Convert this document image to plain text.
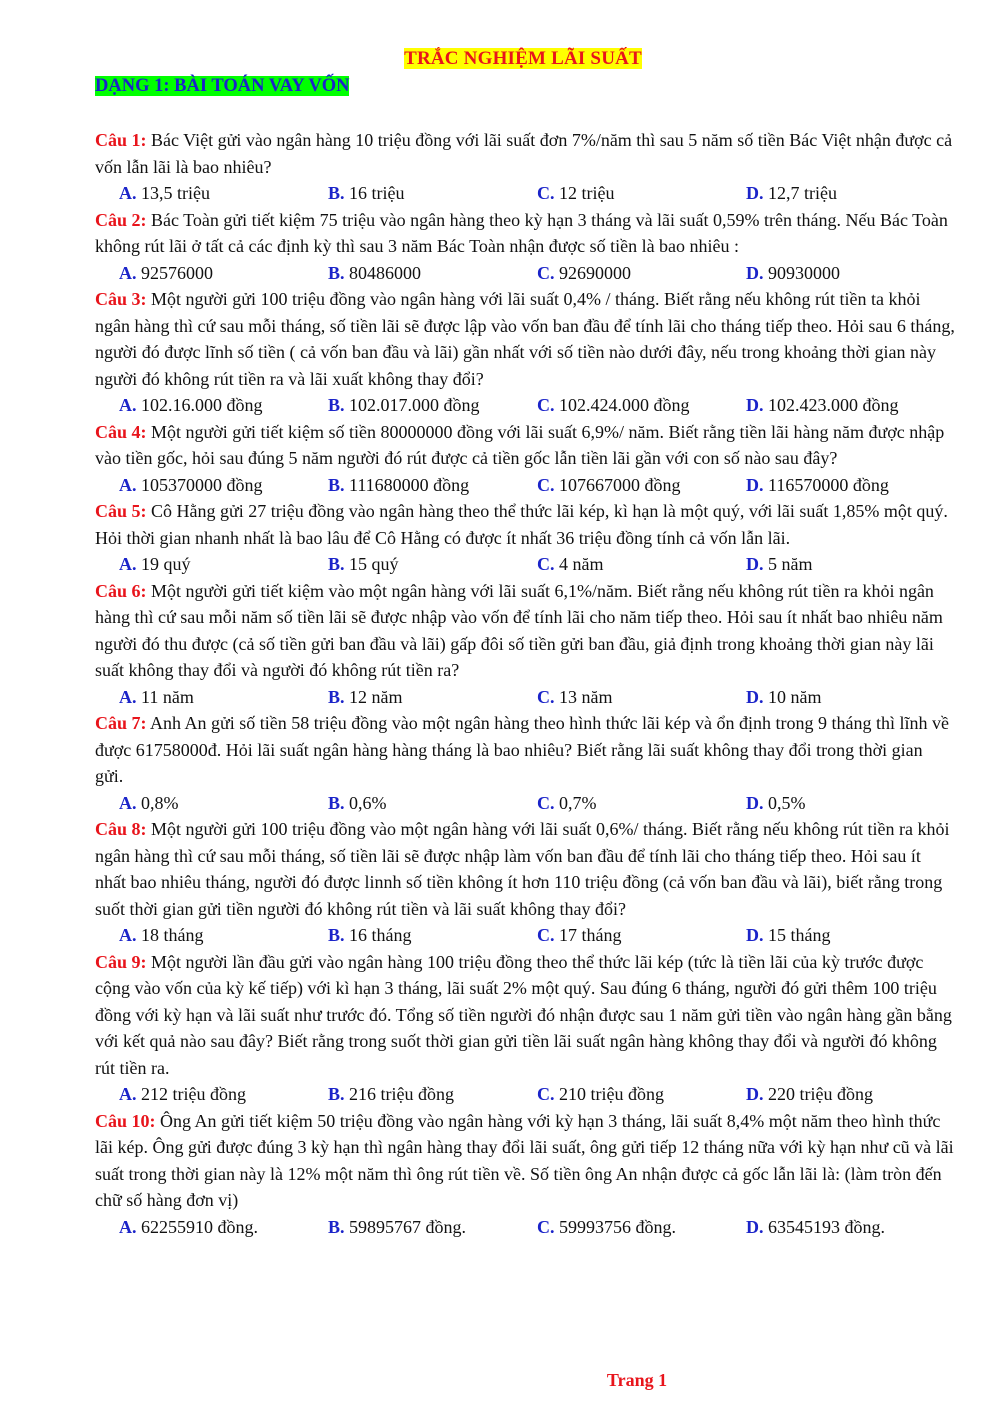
TRẮC NGHIỆM LÃI SUẤT
DẠNG 1: BÀI TOÁN VAY VỐN

Câu 1: Bác Việt gửi vào ngân hàng 10 triệu đồng với lãi suất đơn 7%/năm thì sau 5 năm số tiền Bác Việt nhận được cả vốn lẫn lãi là bao nhiêu?

A. 13,5 triệu	B. 16 triệu	C. 12 triệu	D. 12,7 triệu

Câu 2: Bác Toàn gửi tiết kiệm 75 triệu vào ngân hàng theo kỳ hạn 3 tháng và lãi suất 0,59% trên tháng. Nếu Bác Toàn không rút lãi ở tất cả các định kỳ thì sau 3 năm Bác Toàn nhận được số tiền là bao nhiêu :

A. 92576000	B. 80486000	C. 92690000	D. 90930000

Câu 3: Một người gửi 100 triệu đồng vào ngân hàng với lãi suất 0,4% / tháng. Biết rằng nếu không rút tiền ta khỏi ngân hàng thì cứ sau mỗi tháng, số tiền lãi sẽ được lập vào vốn ban đầu để tính lãi cho tháng tiếp theo. Hỏi sau 6 tháng, người đó được lĩnh số tiền ( cả vốn ban đầu và lãi) gần nhất với số tiền nào dưới đây, nếu trong khoảng thời gian này người đó không rút tiền ra và lãi xuất không thay đổi?

A. 102.16.000 đồng	B. 102.017.000 đồng	C. 102.424.000 đồng	D. 102.423.000 đồng

Câu 4: Một người gửi tiết kiệm số tiền 80000000 đồng với lãi suất 6,9%/ năm. Biết rằng tiền lãi hàng năm được nhập vào tiền gốc, hỏi sau đúng 5 năm người đó rút được cả tiền gốc lẫn tiền lãi gần với con số nào sau đây?

A. 105370000 đồng	B. 111680000 đồng	C. 107667000 đồng	D. 116570000 đồng

Câu 5: Cô Hằng gửi 27 triệu đồng vào ngân hàng theo thể thức lãi kép, kì hạn là một quý, với lãi suất 1,85% một quý. Hỏi thời gian nhanh nhất là bao lâu để Cô Hằng có được ít nhất 36 triệu đồng tính cả vốn lẫn lãi.

A. 19 quý	B. 15 quý	C. 4 năm	D. 5 năm

Câu 6: Một người gửi tiết kiệm vào một ngân hàng với lãi suất 6,1%/năm. Biết rằng nếu không rút tiền ra khỏi ngân hàng thì cứ sau mỗi năm số tiền lãi sẽ được nhập vào vốn để tính lãi cho năm tiếp theo. Hỏi sau ít nhất bao nhiêu năm người đó thu được (cả số tiền gửi ban đầu và lãi) gấp đôi số tiền gửi ban đầu, giả định trong khoảng thời gian này lãi suất không thay đổi và người đó không rút tiền ra?

A. 11 năm	B. 12 năm	C. 13 năm	D. 10 năm

Câu 7: Anh An gửi số tiền 58 triệu đồng vào một ngân hàng theo hình thức lãi kép và ổn định trong 9 tháng thì lĩnh về được 61758000đ. Hỏi lãi suất ngân hàng hàng tháng là bao nhiêu? Biết rằng lãi suất không thay đổi trong thời gian gửi.

A. 0,8%	B. 0,6%	C. 0,7%	D. 0,5%

Câu 8: Một người gửi 100 triệu đồng vào một ngân hàng với lãi suất 0,6%/ tháng. Biết rằng nếu không rút tiền ra khỏi ngân hàng thì cứ sau mỗi tháng, số tiền lãi sẽ được nhập làm vốn ban đầu để tính lãi cho tháng tiếp theo. Hỏi sau ít nhất bao nhiêu tháng, người đó được linnh số tiền không ít hơn 110 triệu đồng (cả vốn ban đầu và lãi), biết rằng trong suốt thời gian gửi tiền người đó không rút tiền và lãi suất không thay đổi?

A. 18 tháng	B. 16 tháng	C. 17 tháng	D. 15 tháng

Câu 9: Một người lần đầu gửi vào ngân hàng 100 triệu đồng theo thể thức lãi kép (tức là tiền lãi của kỳ trước được cộng vào vốn của kỳ kế tiếp) với kì hạn 3 tháng, lãi suất 2% một quý. Sau đúng 6 tháng, người đó gửi thêm 100 triệu đồng với kỳ hạn và lãi suất như trước đó. Tổng số tiền người đó nhận được sau 1 năm gửi tiền vào ngân hàng gần bằng với kết quả nào sau đây? Biết rằng trong suốt thời gian gửi tiền lãi suất ngân hàng không thay đổi và người đó không rút tiền ra.

A. 212 triệu đồng	B. 216 triệu đồng	C. 210 triệu đồng	D. 220 triệu đồng

Câu 10: Ông An gửi tiết kiệm 50 triệu đồng vào ngân hàng với kỳ hạn 3 tháng, lãi suất 8,4% một năm theo hình thức lãi kép. Ông gửi được đúng 3 kỳ hạn thì ngân hàng thay đổi lãi suất, ông gửi tiếp 12 tháng nữa với kỳ hạn như cũ và lãi suất trong thời gian này là 12% một năm thì ông rút tiền về. Số tiền ông An nhận được cả gốc lẫn lãi là: (làm tròn đến chữ số hàng đơn vị)

A. 62255910 đồng.	B. 59895767 đồng.	C. 59993756 đồng.	D. 63545193 đồng.
Trang 1
